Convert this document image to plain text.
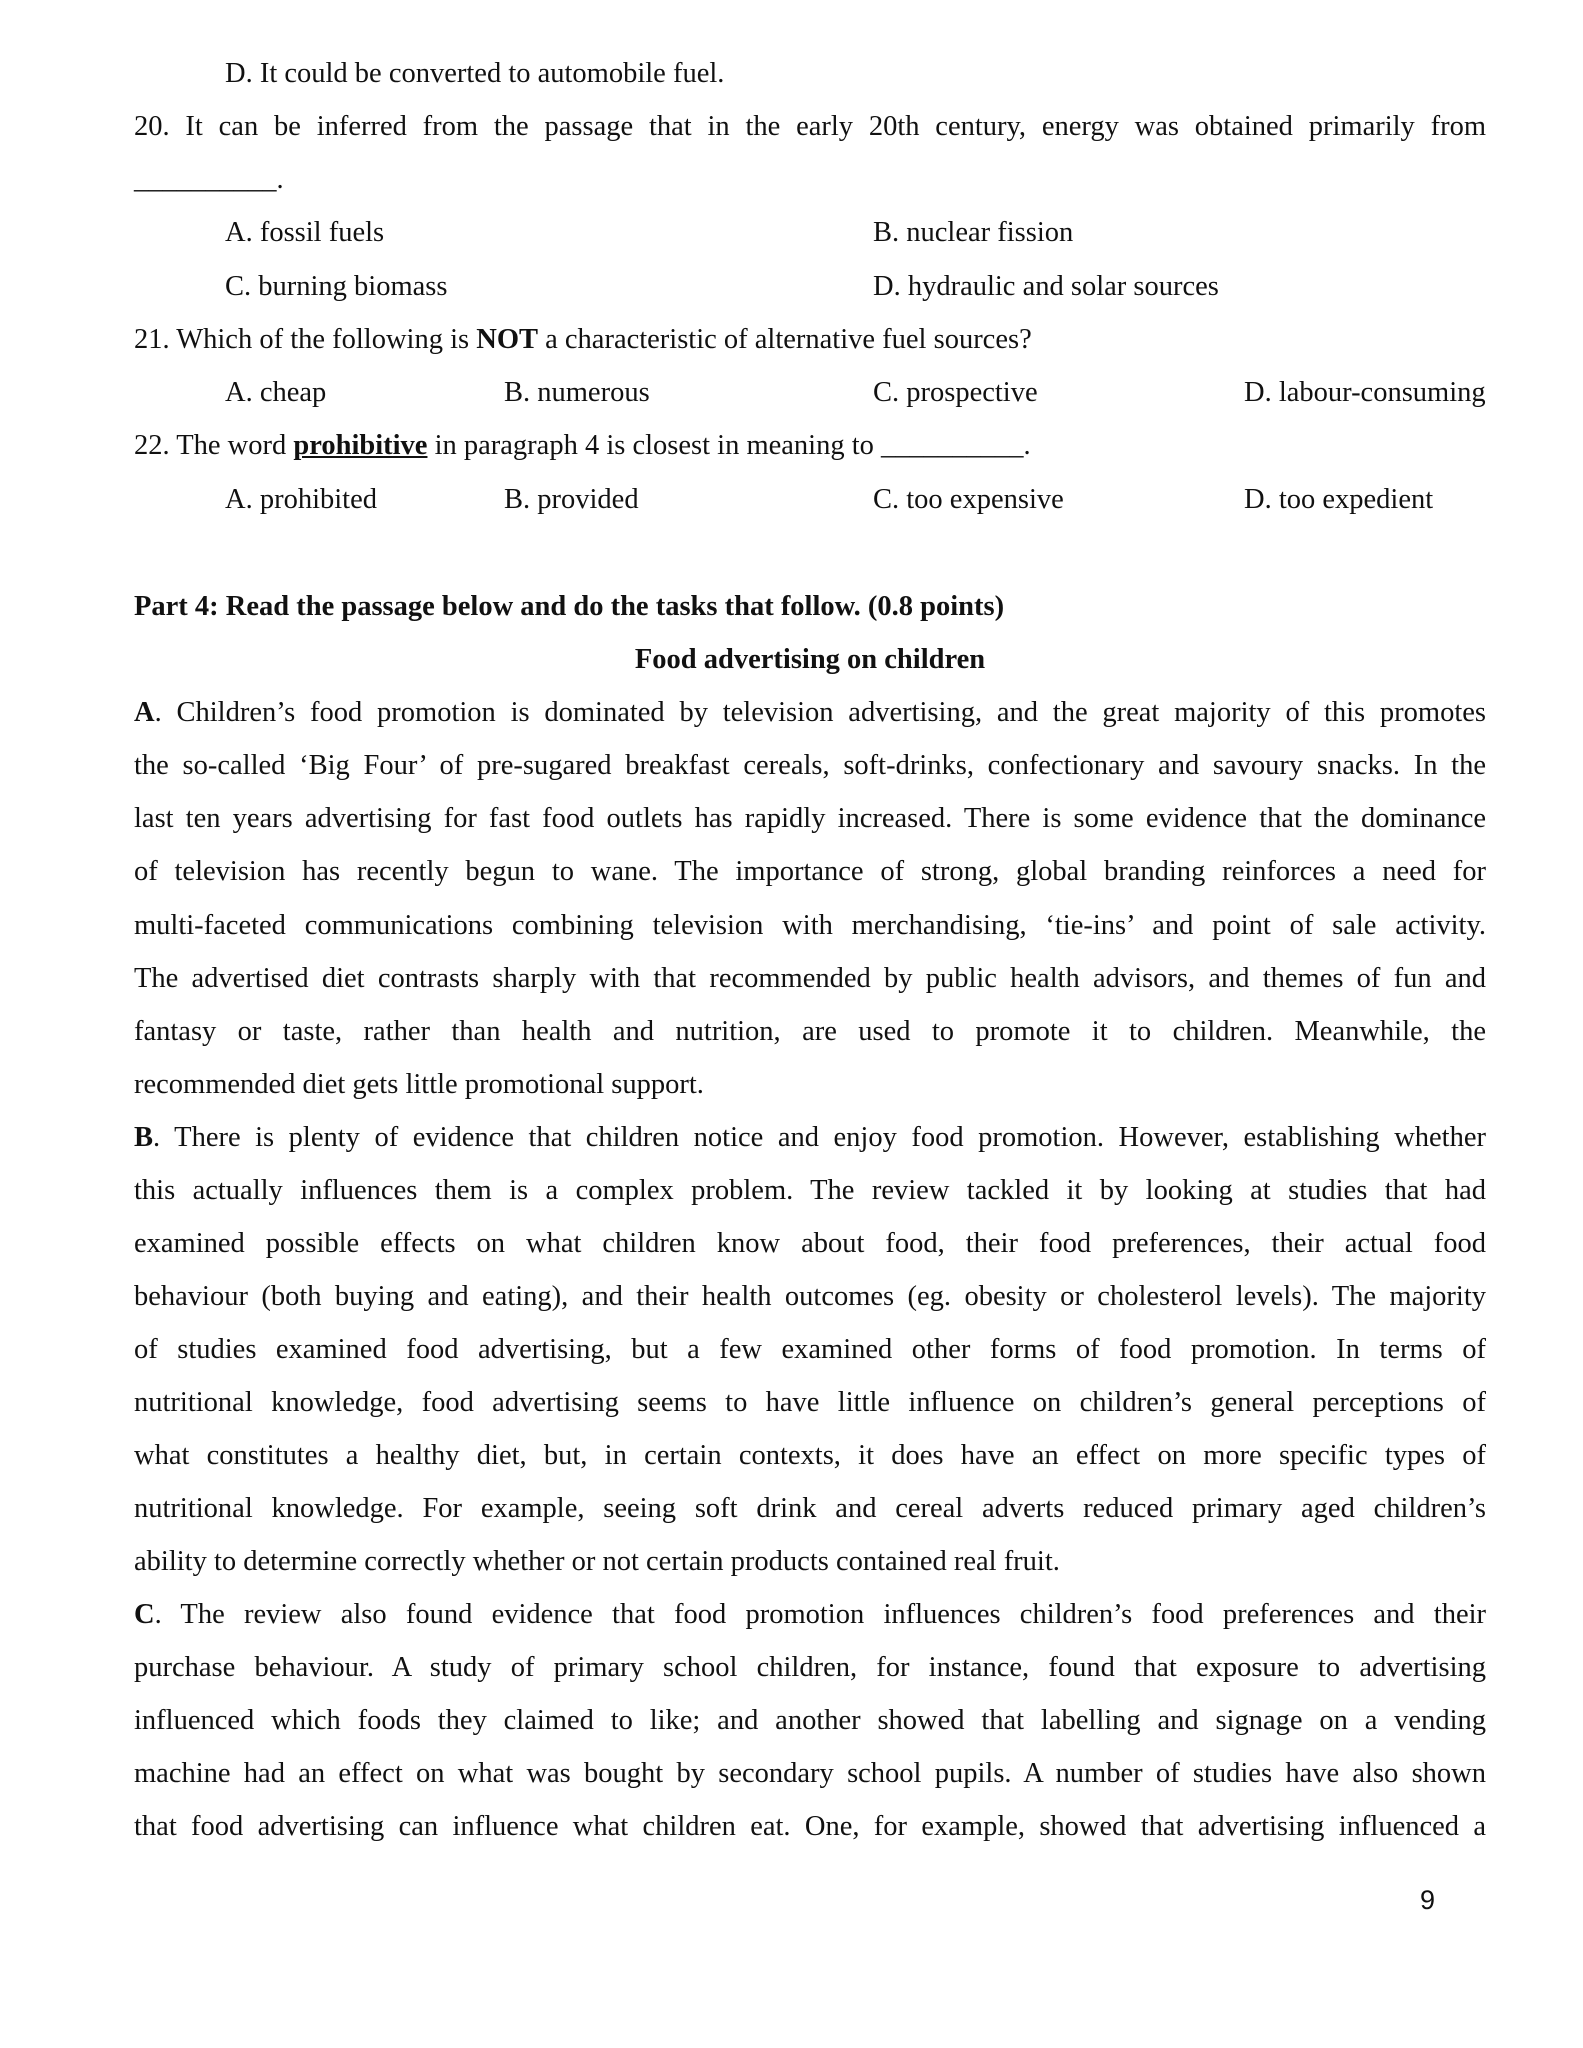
D. It could be converted to automobile fuel.
20. It can be inferred from the passage that in the early 20th century, energy was obtained primarily from
__________.
A. fossil fuels	B. nuclear fission
C. burning biomass	D. hydraulic and solar sources
21. Which of the following is NOT a characteristic of alternative fuel sources?
A. cheap	B. numerous	C. prospective	D. labour-consuming
22. The word prohibitive in paragraph 4 is closest in meaning to __________.
A. prohibited	B. provided	C. too expensive	D. too expedient
Part 4: Read the passage below and do the tasks that follow. (0.8 points)
Food advertising on children
A. Children’s food promotion is dominated by television advertising, and the great majority of this promotes
the so-called ‘Big Four’ of pre-sugared breakfast cereals, soft-drinks, confectionary and savoury snacks. In the
last ten years advertising for fast food outlets has rapidly increased. There is some evidence that the dominance
of television has recently begun to wane. The importance of strong, global branding reinforces a need for
multi-faceted communications combining television with merchandising, ‘tie-ins’ and point of sale activity.
The advertised diet contrasts sharply with that recommended by public health advisors, and themes of fun and
fantasy or taste, rather than health and nutrition, are used to promote it to children. Meanwhile, the
recommended diet gets little promotional support.
B. There is plenty of evidence that children notice and enjoy food promotion. However, establishing whether
this actually influences them is a complex problem. The review tackled it by looking at studies that had
examined possible effects on what children know about food, their food preferences, their actual food
behaviour (both buying and eating), and their health outcomes (eg. obesity or cholesterol levels). The majority
of studies examined food advertising, but a few examined other forms of food promotion. In terms of
nutritional knowledge, food advertising seems to have little influence on children’s general perceptions of
what constitutes a healthy diet, but, in certain contexts, it does have an effect on more specific types of
nutritional knowledge. For example, seeing soft drink and cereal adverts reduced primary aged children’s
ability to determine correctly whether or not certain products contained real fruit.
C. The review also found evidence that food promotion influences children’s food preferences and their
purchase behaviour. A study of primary school children, for instance, found that exposure to advertising
influenced which foods they claimed to like; and another showed that labelling and signage on a vending
machine had an effect on what was bought by secondary school pupils. A number of studies have also shown
that food advertising can influence what children eat. One, for example, showed that advertising influenced a
9
